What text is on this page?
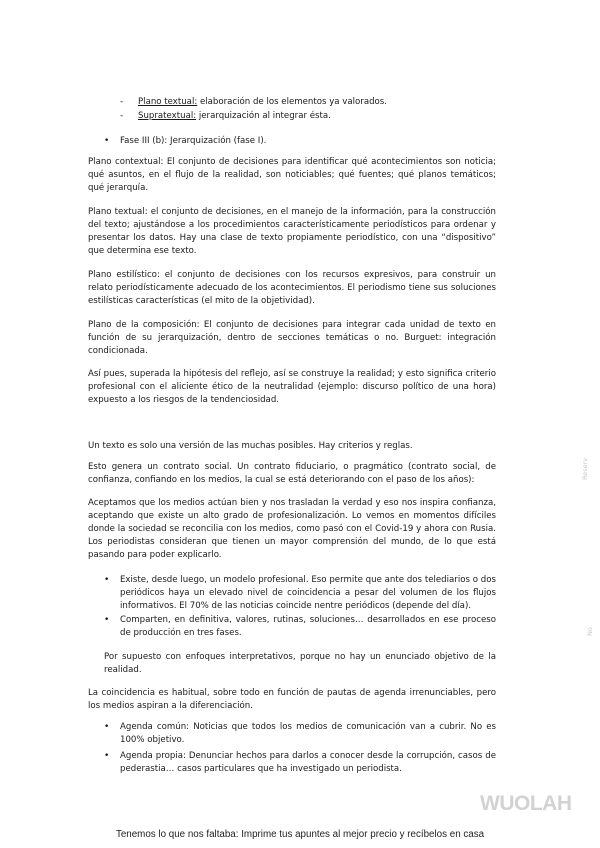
- Plano textual: elaboración de los elementos ya valorados.
- Supratextual: jerarquización al integrar ésta.
• Fase III (b): Jerarquización (fase I).

Plano contextual: El conjunto de decisiones para identificar qué acontecimientos son noticia; qué asuntos, en el flujo de la realidad, son noticiables; qué fuentes; qué planos temáticos; qué jerarquía.

Plano textual: el conjunto de decisiones, en el manejo de la información, para la construcción del texto; ajustándose a los procedimientos característicamente periodísticos para ordenar y presentar los datos. Hay una clase de texto propiamente periodístico, con una “dispositivo” que determina ese texto.

Plano estilístico: el conjunto de decisiones con los recursos expresivos, para construir un relato periodísticamente adecuado de los acontecimientos. El periodismo tiene sus soluciones estilísticas características (el mito de la objetividad).

Plano de la composición: El conjunto de decisiones para integrar cada unidad de texto en función de su jerarquización, dentro de secciones temáticas o no. Burguet: integración condicionada.

Así pues, superada la hipótesis del reflejo, así se construye la realidad; y esto significa criterio profesional con el aliciente ético de la neutralidad (ejemplo: discurso político de una hora) expuesto a los riesgos de la tendenciosidad.

Un texto es solo una versión de las muchas posibles. Hay criterios y reglas.

Esto genera un contrato social. Un contrato fiduciario, o pragmático (contrato social, de confianza, confiando en los medios, la cual se está deteriorando con el paso de los años):

Aceptamos que los medios actúan bien y nos trasladan la verdad y eso nos inspira confianza, aceptando que existe un alto grado de profesionalización. Lo vemos en momentos difíciles donde la sociedad se reconcilia con los medios, como pasó con el Covid-19 y ahora con Rusia. Los periodistas consideran que tienen un mayor comprensión del mundo, de lo que está pasando para poder explicarlo.

• Existe, desde luego, un modelo profesional. Eso permite que ante dos telediarios o dos periódicos haya un elevado nivel de coincidencia a pesar del volumen de los flujos informativos. El 70% de las noticias coincide nentre periódicos (depende del día).
• Comparten, en definitiva, valores, rutinas, soluciones… desarrollados en ese proceso de producción en tres fases.

Por supuesto con enfoques interpretativos, porque no hay un enunciado objetivo de la realidad.

La coincidencia es habitual, sobre todo en función de pautas de agenda irrenunciables, pero los medios aspiran a la diferenciación.

• Agenda común: Noticias que todos los medios de comunicación van a cubrir. No es 100% objetivo.
• Agenda propia: Denunciar hechos para darlos a conocer desde la corrupción, casos de pederastia… casos particulares que ha investigado un periodista.
Reserv
No
WUOLAH
Tenemos lo que nos faltaba: Imprime tus apuntes al mejor precio y recíbelos en casa
